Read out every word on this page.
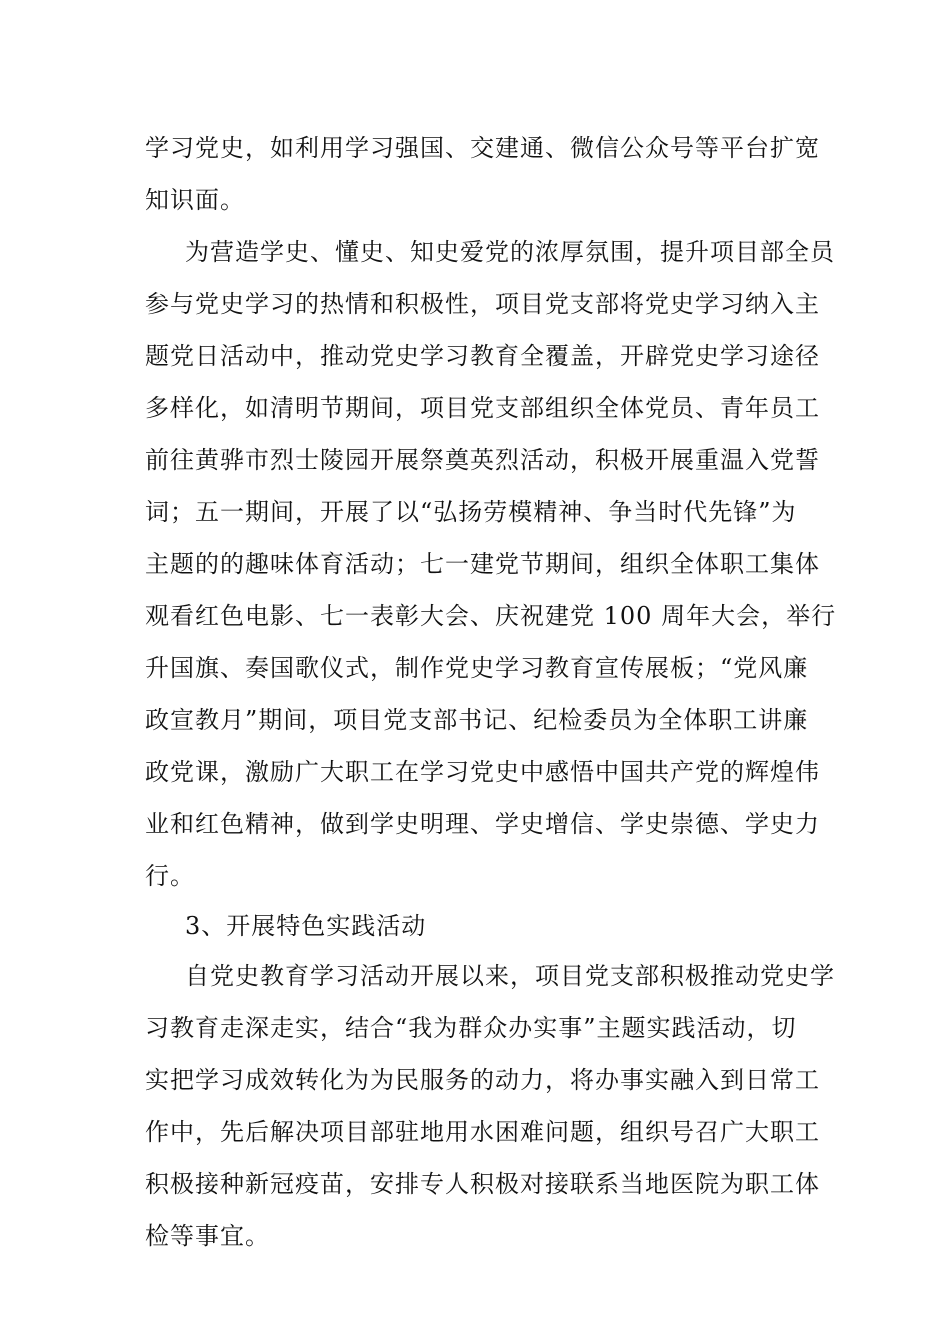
学习党史，如利用学习强国、交建通、微信公众号等平台扩宽
知识面。
为营造学史、懂史、知史爱党的浓厚氛围，提升项目部全员
参与党史学习的热情和积极性，项目党支部将党史学习纳入主
题党日活动中，推动党史学习教育全覆盖，开辟党史学习途径
多样化，如清明节期间，项目党支部组织全体党员、青年员工
前往黄骅市烈士陵园开展祭奠英烈活动，积极开展重温入党誓
词；五一期间，开展了以“弘扬劳模精神、争当时代先锋”为
主题的的趣味体育活动；七一建党节期间，组织全体职工集体
观看红色电影、七一表彰大会、庆祝建党 100 周年大会，举行
升国旗、奏国歌仪式，制作党史学习教育宣传展板；“党风廉
政宣教月”期间，项目党支部书记、纪检委员为全体职工讲廉
政党课，激励广大职工在学习党史中感悟中国共产党的辉煌伟
业和红色精神，做到学史明理、学史增信、学史崇德、学史力
行。
3、开展特色实践活动
自党史教育学习活动开展以来，项目党支部积极推动党史学
习教育走深走实，结合“我为群众办实事”主题实践活动，切
实把学习成效转化为为民服务的动力，将办事实融入到日常工
作中，先后解决项目部驻地用水困难问题，组织号召广大职工
积极接种新冠疫苗，安排专人积极对接联系当地医院为职工体
检等事宜。
